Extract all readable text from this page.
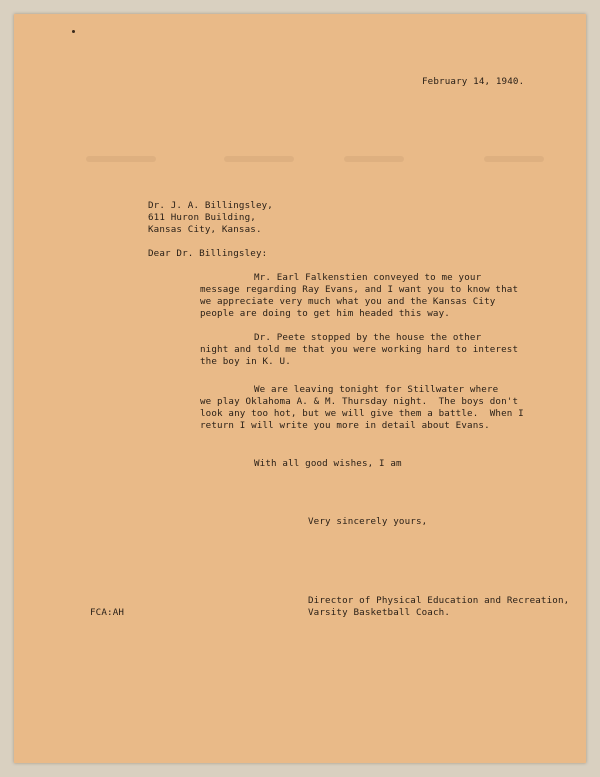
February 14, 1940.

Dr. J. A. Billingsley,

611 Huron Building,

Kansas City, Kansas.

Dear Dr. Billingsley:

Mr. Earl Falkenstien conveyed to me your

message regarding Ray Evans, and I want you to know that

we appreciate very much what you and the Kansas City

people are doing to get him headed this way.

Dr. Peete stopped by the house the other

night and told me that you were working hard to interest

the boy in K. U.

We are leaving tonight for Stillwater where

we play Oklahoma A. & M. Thursday night.  The boys don't

look any too hot, but we will give them a battle.  When I

return I will write you more in detail about Evans.

With all good wishes, I am

Very sincerely yours,

Director of Physical Education and Recreation,

Varsity Basketball Coach.

FCA:AH
